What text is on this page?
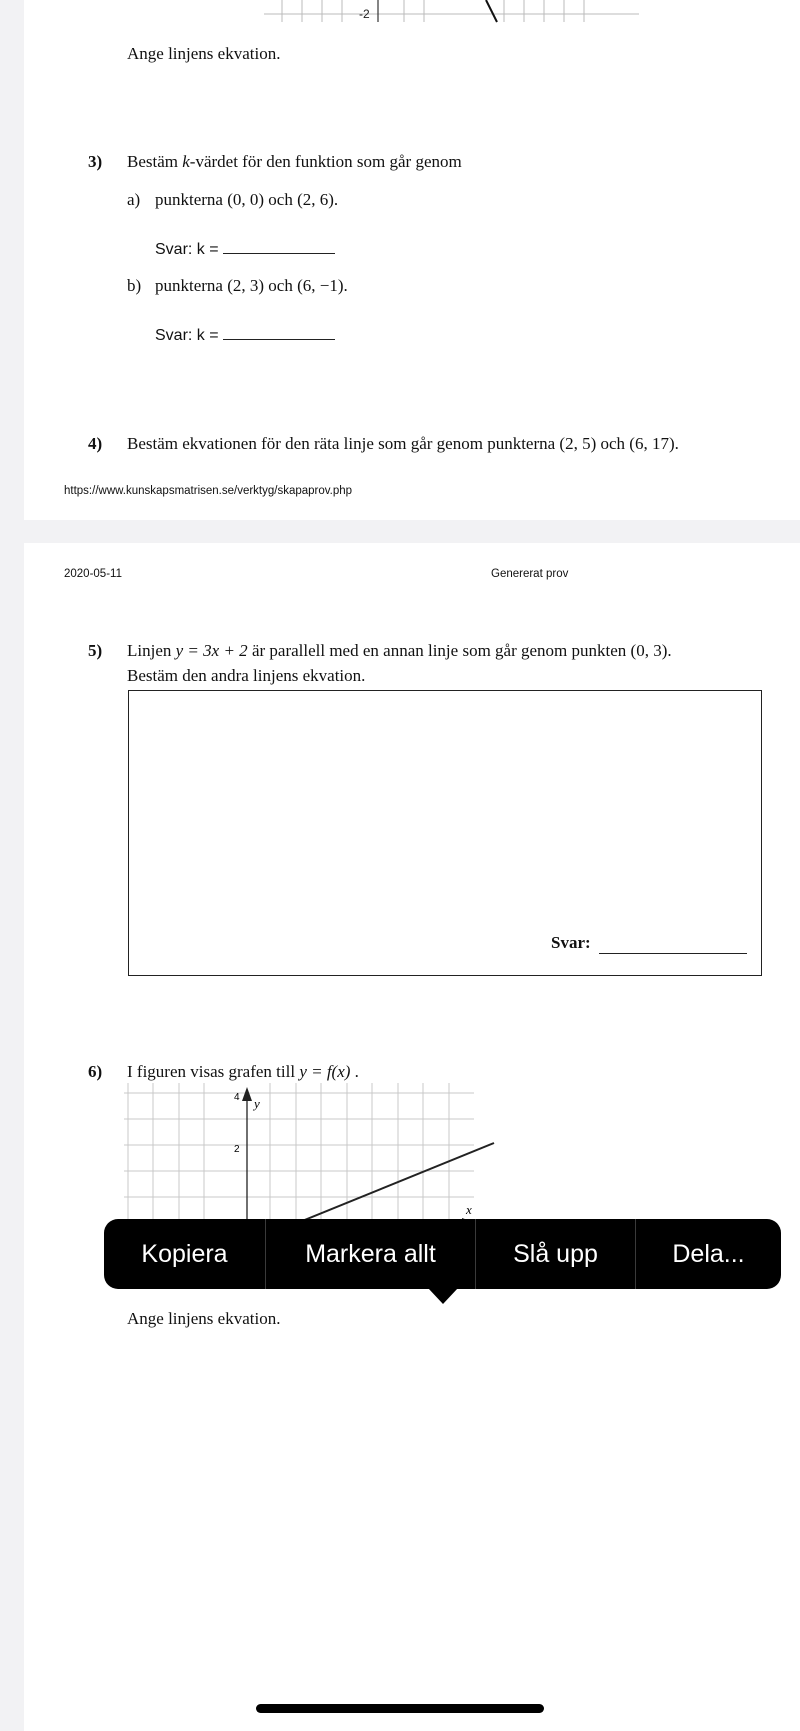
-2
Ange linjens ekvation.
3) Bestäm k-värdet för den funktion som går genom
a) punkterna (0, 0) och (2, 6).
Svar: k =
b) punkterna (2, 3) och (6, −1).
Svar: k =
4) Bestäm ekvationen för den räta linje som går genom punkterna (2, 5) och (6, 17).
https://www.kunskapsmatrisen.se/verktyg/skapaprov.php
2020-05-11	Genererat prov
5) Linjen y = 3x + 2 är parallell med en annan linje som går genom punkten (0, 3).
Bestäm den andra linjens ekvation.
Svar:
6) I figuren visas grafen till y = f(x) .
y
x
4
2
Ange linjens ekvation.
Kopiera	Markera allt	Slå upp	Dela...
